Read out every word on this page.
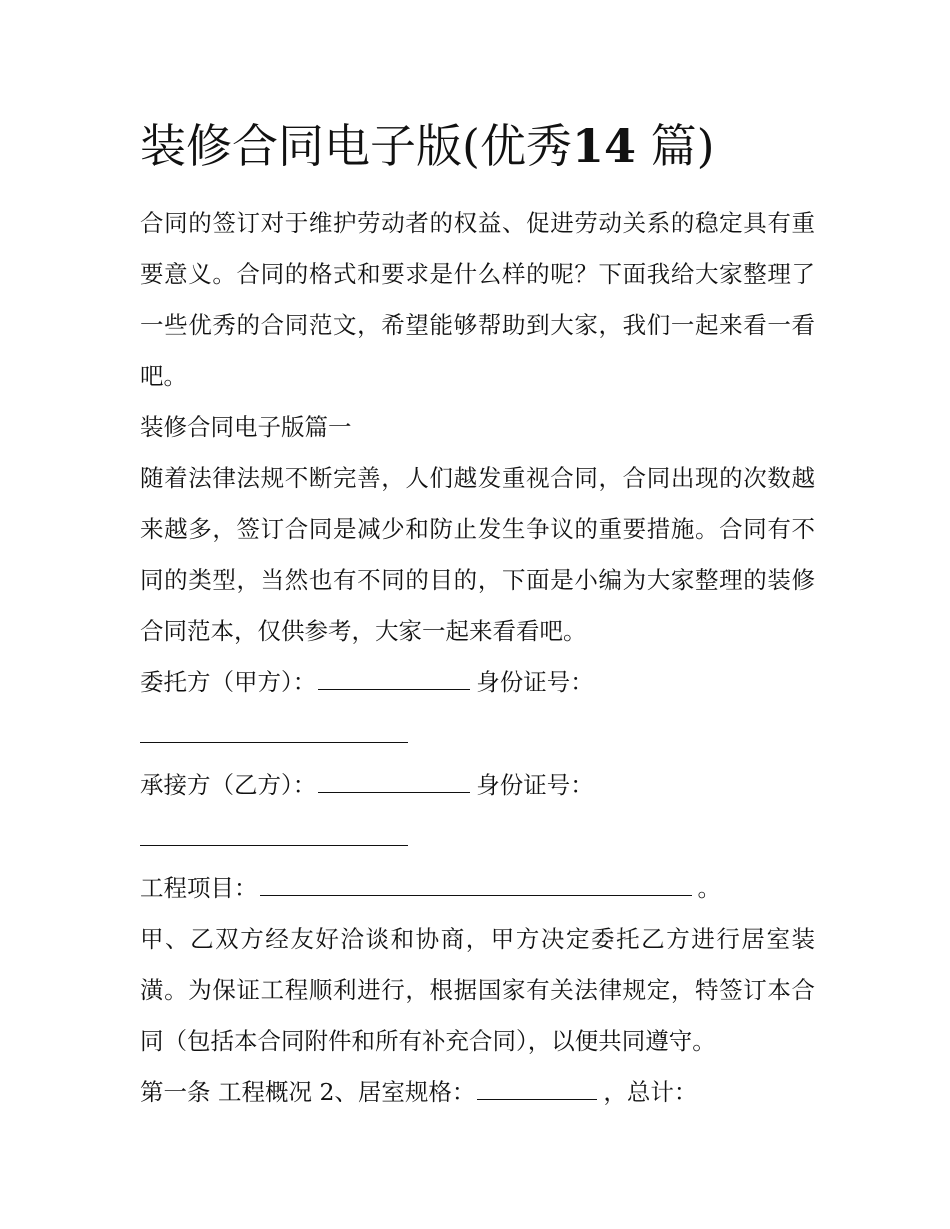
装修合同电子版(优秀14 篇)

合同的签订对于维护劳动者的权益、促进劳动关系的稳定具有重要意义。合同的格式和要求是什么样的呢？下面我给大家整理了一些优秀的合同范文，希望能够帮助到大家，我们一起来看一看吧。

装修合同电子版篇一

随着法律法规不断完善，人们越发重视合同，合同出现的次数越来越多，签订合同是减少和防止发生争议的重要措施。合同有不同的类型，当然也有不同的目的，下面是小编为大家整理的装修合同范本，仅供参考，大家一起来看看吧。

委托方（甲方）：	身份证号：

承接方（乙方）：	身份证号：

工程项目：	。

甲、乙双方经友好洽谈和协商，甲方决定委托乙方进行居室装潢。为保证工程顺利进行，根据国家有关法律规定，特签订本合同（包括本合同附件和所有补充合同），以便共同遵守。

第一条 工程概况 2、居室规格：	，总计：
